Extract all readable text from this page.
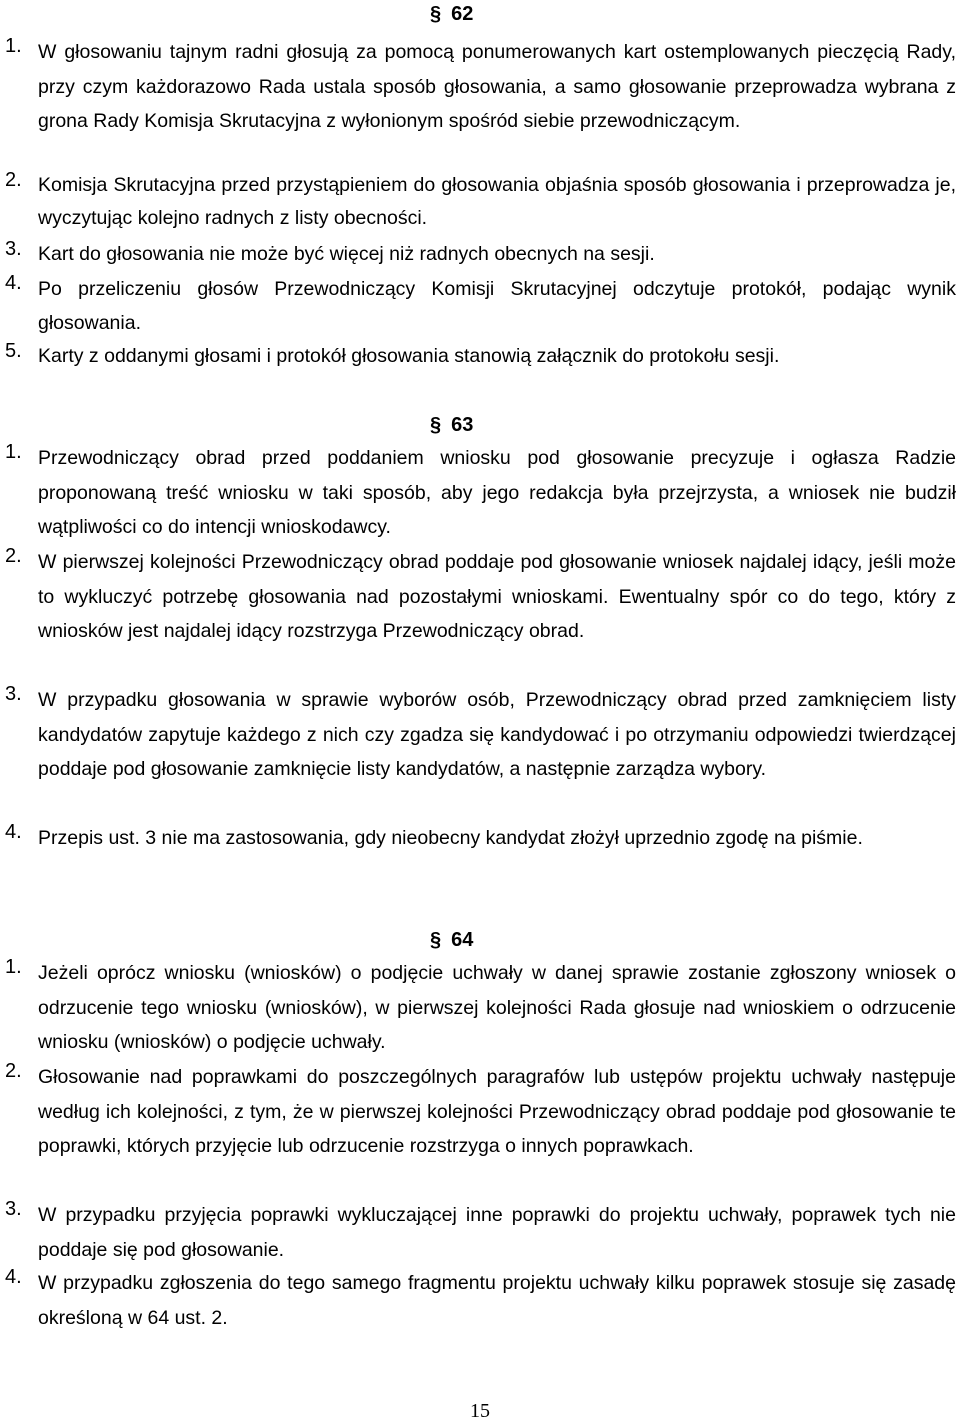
§ 62
1. W głosowaniu tajnym radni głosują za pomocą ponumerowanych kart ostemplowanych pieczęcią Rady, przy czym każdorazowo Rada ustala sposób głosowania, a samo głosowanie przeprowadza wybrana z grona Rady Komisja Skrutacyjna z wyłonionym spośród siebie przewodniczącym.
2. Komisja Skrutacyjna przed przystąpieniem do głosowania objaśnia sposób głosowania i przeprowadza je, wyczytując kolejno radnych z listy obecności.
3. Kart do głosowania nie może być więcej niż radnych obecnych na sesji.
4. Po przeliczeniu głosów Przewodniczący Komisji Skrutacyjnej odczytuje protokół, podając wynik głosowania.
5. Karty z oddanymi głosami i protokół głosowania stanowią załącznik do protokołu sesji.
§ 63
1. Przewodniczący obrad przed poddaniem wniosku pod głosowanie precyzuje i ogłasza Radzie proponowaną treść wniosku w taki sposób, aby jego redakcja była przejrzysta, a wniosek nie budził wątpliwości co do intencji wnioskodawcy.
2. W pierwszej kolejności Przewodniczący obrad poddaje pod głosowanie wniosek najdalej idący, jeśli może to wykluczyć potrzebę głosowania nad pozostałymi wnioskami. Ewentualny spór co do tego, który z wniosków jest najdalej idący rozstrzyga Przewodniczący obrad.
3. W przypadku głosowania w sprawie wyborów osób, Przewodniczący obrad przed zamknięciem listy kandydatów zapytuje każdego z nich czy zgadza się kandydować i po otrzymaniu odpowiedzi twierdzącej poddaje pod głosowanie zamknięcie listy kandydatów, a następnie zarządza wybory.
4. Przepis ust. 3 nie ma zastosowania, gdy nieobecny kandydat złożył uprzednio zgodę na piśmie.
§ 64
1. Jeżeli oprócz wniosku (wniosków) o podjęcie uchwały w danej sprawie zostanie zgłoszony wniosek o odrzucenie tego wniosku (wniosków), w pierwszej kolejności Rada głosuje nad wnioskiem o odrzucenie wniosku (wniosków) o podjęcie uchwały.
2. Głosowanie nad poprawkami do poszczególnych paragrafów lub ustępów projektu uchwały następuje według ich kolejności, z tym, że w pierwszej kolejności Przewodniczący obrad poddaje pod głosowanie te poprawki, których przyjęcie lub odrzucenie rozstrzyga o innych poprawkach.
3. W przypadku przyjęcia poprawki wykluczającej inne poprawki do projektu uchwały, poprawek tych nie poddaje się pod głosowanie.
4. W przypadku zgłoszenia do tego samego fragmentu projektu uchwały kilku poprawek stosuje się zasadę określoną w 64 ust. 2.
15
